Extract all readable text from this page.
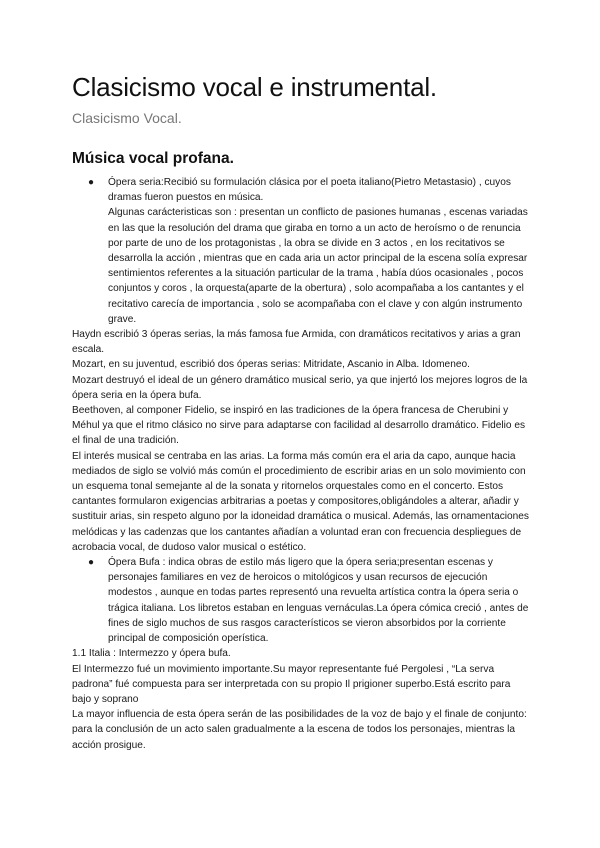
Clasicismo vocal e instrumental.

Clasicismo Vocal.

Música vocal profana.
● Ópera seria:Recibió su formulación clásica por el poeta italiano(Pietro Metastasio) , cuyos dramas fueron puestos en música.

Algunas carácteristicas son : presentan un conflicto de pasiones humanas , escenas variadas en las que la resolución del drama que giraba en torno a un acto de heroísmo o de renuncia por parte de uno de los protagonistas , la obra se divide en 3 actos , en los recitativos se desarrolla la acción , mientras que en cada aria un actor principal de la escena solía expresar sentimientos referentes a la situación particular de la trama , había dúos ocasionales , pocos conjuntos y coros , la orquesta(aparte de la obertura) , solo acompañaba a los cantantes y el recitativo carecía de importancia , solo se acompañaba con el clave y con algún instrumento grave.

Haydn escribió 3 óperas serias, la más famosa fue Armida, con dramáticos recitativos y arias a gran escala.

Mozart, en su juventud, escribió dos óperas serias: Mitridate, Ascanio in Alba. Idomeneo.

Mozart destruyó el ideal de un género dramático musical serio, ya que injertó los mejores logros de la ópera seria en la ópera bufa.

Beethoven, al componer Fidelio, se inspiró en las tradiciones de la ópera francesa de Cherubini y Méhul ya que el ritmo clásico no sirve para adaptarse con facilidad al desarrollo dramático. Fidelio es el final de una tradición.

El interés musical se centraba en las arias. La forma más común era el aria da capo, aunque hacia mediados de siglo se volvió más común el procedimiento de escribir arias en un solo movimiento con un esquema tonal semejante al de la sonata y ritornelos orquestales como en el concerto. Estos cantantes formularon exigencias arbitrarias a poetas y compositores,obligándoles a alterar, añadir y sustituir arias, sin respeto alguno por la idoneidad dramática o musical. Además, las ornamentaciones melódicas y las cadenzas que los cantantes añadían a voluntad eran con frecuencia despliegues de acrobacia vocal, de dudoso valor musical o estético.

● Ópera Bufa : indica obras de estilo más ligero que la ópera seria;presentan escenas y personajes familiares en vez de heroicos o mitológicos y usan recursos de ejecución modestos , aunque en todas partes representó una revuelta artística contra la ópera seria o trágica italiana. Los libretos estaban en lenguas vernáculas.La ópera cómica creció , antes de fines de siglo muchos de sus rasgos característicos se vieron absorbidos por la corriente principal de composición operística.

1.1 Italia : Intermezzo y ópera bufa.

El Intermezzo fué un movimiento importante.Su mayor representante fué Pergolesi , “La serva padrona” fué compuesta para ser interpretada con su propio Il prigioner superbo.Está escrito para bajo y soprano

La mayor influencia de esta ópera serán de las posibilidades de la voz de bajo y el finale de conjunto: para la conclusión de un acto salen gradualmente a la escena de todos los personajes, mientras la acción prosigue.
